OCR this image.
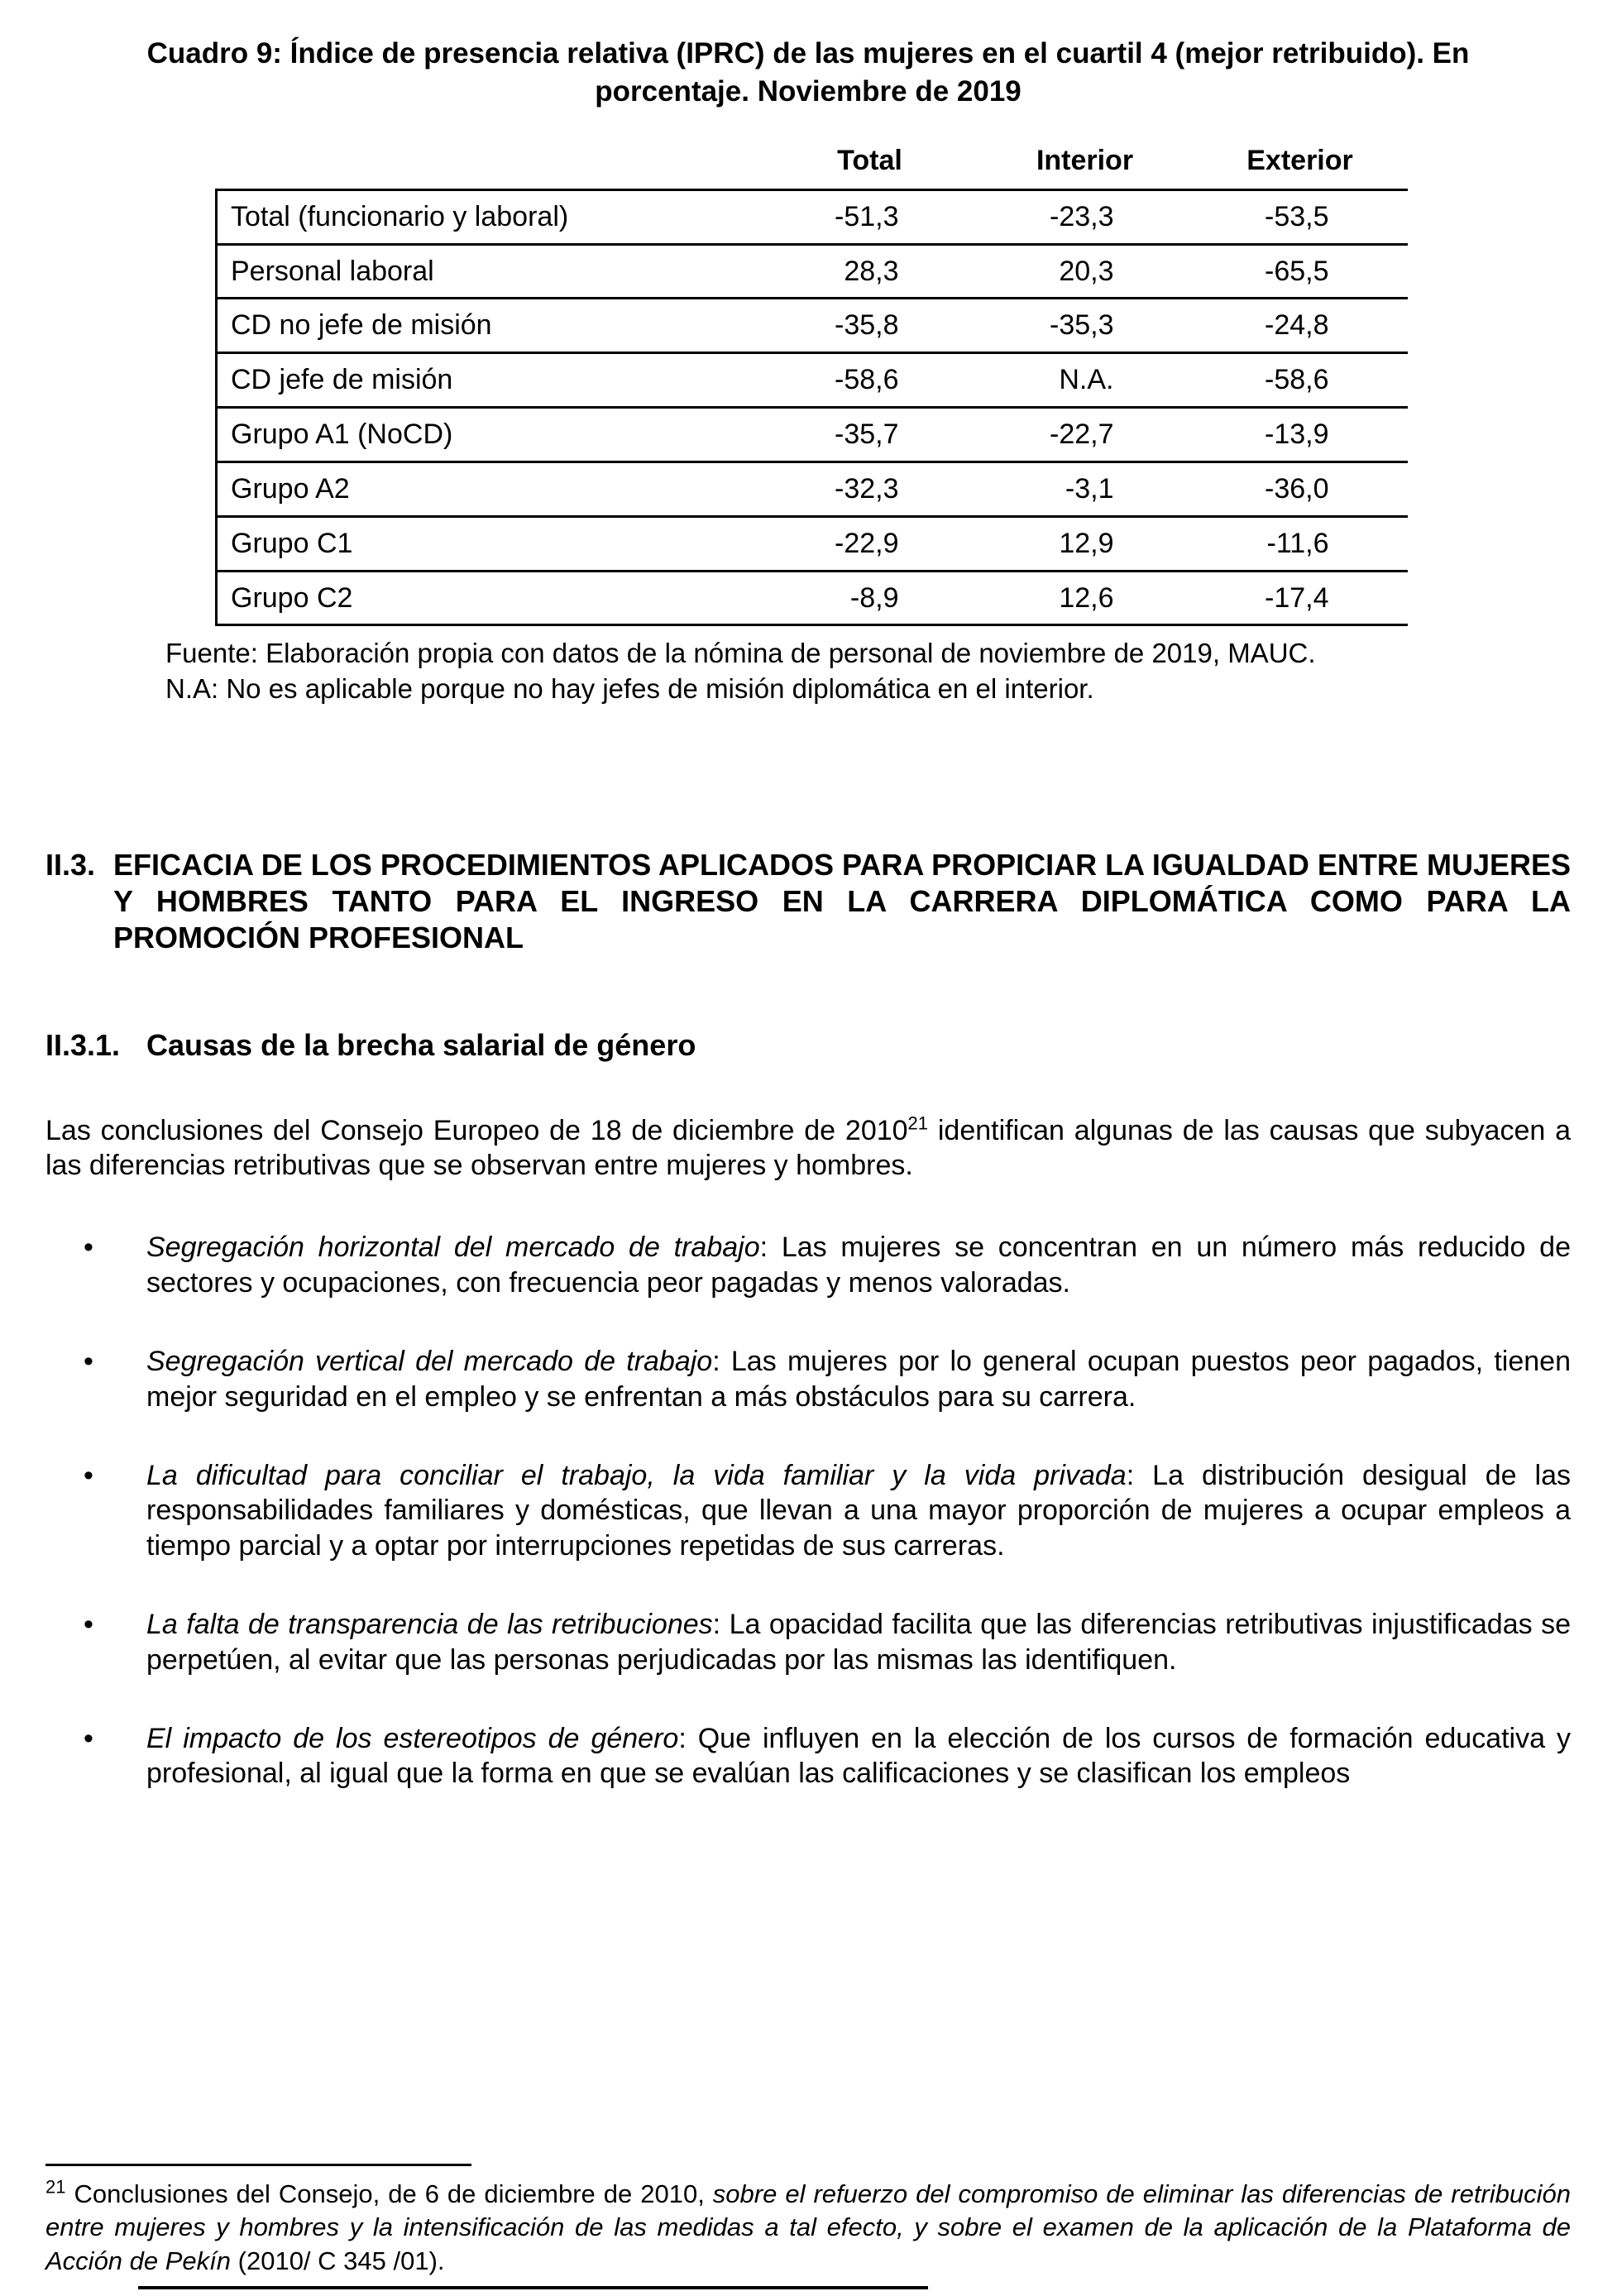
Cuadro 9: Índice de presencia relativa (IPRC) de las mujeres en el cuartil 4 (mejor retribuido). En porcentaje. Noviembre de 2019
	Total	Interior	Exterior
Total (funcionario y laboral)	-51,3	-23,3	-53,5
Personal laboral	28,3	20,3	-65,5
CD no jefe de misión	-35,8	-35,3	-24,8
CD jefe de misión	-58,6	N.A.	-58,6
Grupo A1 (NoCD)	-35,7	-22,7	-13,9
Grupo A2	-32,3	-3,1	-36,0
Grupo C1	-22,9	12,9	-11,6
Grupo C2	-8,9	12,6	-17,4
Fuente: Elaboración propia con datos de la nómina de personal de noviembre de 2019, MAUC.
N.A: No es aplicable porque no hay jefes de misión diplomática en el interior.
II.3. EFICACIA DE LOS PROCEDIMIENTOS APLICADOS PARA PROPICIAR LA IGUALDAD ENTRE MUJERES Y HOMBRES TANTO PARA EL INGRESO EN LA CARRERA DIPLOMÁTICA COMO PARA LA PROMOCIÓN PROFESIONAL
II.3.1. Causas de la brecha salarial de género

Las conclusiones del Consejo Europeo de 18 de diciembre de 2010$^{21}$ identifican algunas de las causas que subyacen a las diferencias retributivas que se observan entre mujeres y hombres.

•	Segregación horizontal del mercado de trabajo: Las mujeres se concentran en un número más reducido de sectores y ocupaciones, con frecuencia peor pagadas y menos valoradas.
•	Segregación vertical del mercado de trabajo: Las mujeres por lo general ocupan puestos peor pagados, tienen mejor seguridad en el empleo y se enfrentan a más obstáculos para su carrera.
•	La dificultad para conciliar el trabajo, la vida familiar y la vida privada: La distribución desigual de las responsabilidades familiares y domésticas, que llevan a una mayor proporción de mujeres a ocupar empleos a tiempo parcial y a optar por interrupciones repetidas de sus carreras.
•	La falta de transparencia de las retribuciones: La opacidad facilita que las diferencias retributivas injustificadas se perpetúen, al evitar que las personas perjudicadas por las mismas las identifiquen.
•	El impacto de los estereotipos de género: Que influyen en la elección de los cursos de formación educativa y profesional, al igual que la forma en que se evalúan las calificaciones y se clasifican los empleos

$^{21}$ Conclusiones del Consejo, de 6 de diciembre de 2010, sobre el refuerzo del compromiso de eliminar las diferencias de retribución entre mujeres y hombres y la intensificación de las medidas a tal efecto, y sobre el examen de la aplicación de la Plataforma de Acción de Pekín (2010/ C 345 /01).
